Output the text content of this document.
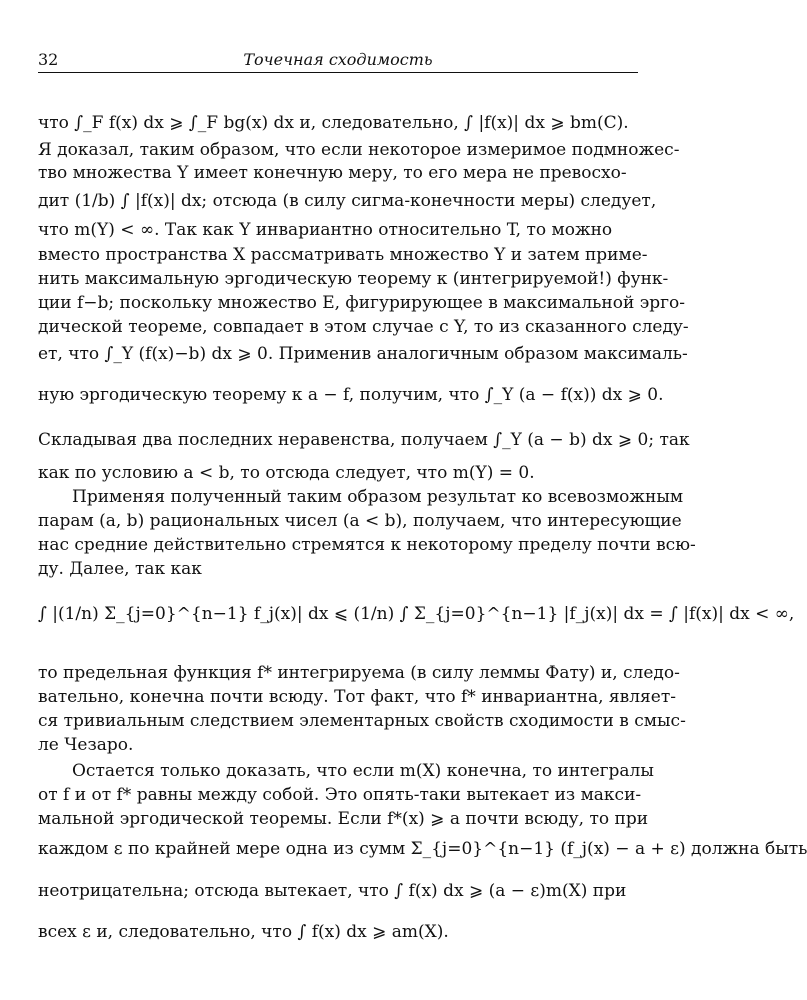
32	Точечная сходимость
что ∫_F f(x) dx ⩾ ∫_F bg(x) dx и, следовательно, ∫ |f(x)| dx ⩾ bm(C).
Я доказал, таким образом, что если некоторое измеримое подмножес-
тво множества Y имеет конечную меру, то его мера не превосхо-
дит (1/b) ∫ |f(x)| dx; отсюда (в силу сигма-конечности меры) следует,
что m(Y) < ∞. Так как Y инвариантно относительно T, то можно
вместо пространства X рассматривать множество Y и затем приме-
нить максимальную эргодическую теорему к (интегрируемой!) функ-
ции f−b; поскольку множество E, фигурирующее в максимальной эрго-
дической теореме, совпадает в этом случае с Y, то из сказанного следу-
ет, что ∫_Y (f(x)−b) dx ⩾ 0. Применив аналогичным образом максималь-
ную эргодическую теорему к a − f, получим, что ∫_Y (a − f(x)) dx ⩾ 0.
Складывая два последних неравенства, получаем ∫_Y (a − b) dx ⩾ 0; так
как по условию a < b, то отсюда следует, что m(Y) = 0.
Применяя полученный таким образом результат ко всевозможным
парам (a, b) рациональных чисел (a < b), получаем, что интересующие
нас средние действительно стремятся к некоторому пределу почти всю-
ду. Далее, так как
∫ |(1/n) Σ_{j=0}^{n−1} f_j(x)| dx ⩽ (1/n) ∫ Σ_{j=0}^{n−1} |f_j(x)| dx = ∫ |f(x)| dx < ∞,
то предельная функция f* интегрируема (в силу леммы Фату) и, следо-
вательно, конечна почти всюду. Тот факт, что f* инвариантна, являет-
ся тривиальным следствием элементарных свойств сходимости в смыс-
ле Чезаро.
Остается только доказать, что если m(X) конечна, то интегралы
от f и от f* равны между собой. Это опять-таки вытекает из макси-
мальной эргодической теоремы. Если f*(x) ⩾ a почти всюду, то при
каждом ε по крайней мере одна из сумм Σ_{j=0}^{n−1} (f_j(x) − a + ε) должна быть
неотрицательна; отсюда вытекает, что ∫ f(x) dx ⩾ (a − ε)m(X) при
всех ε и, следовательно, что ∫ f(x) dx ⩾ am(X).
